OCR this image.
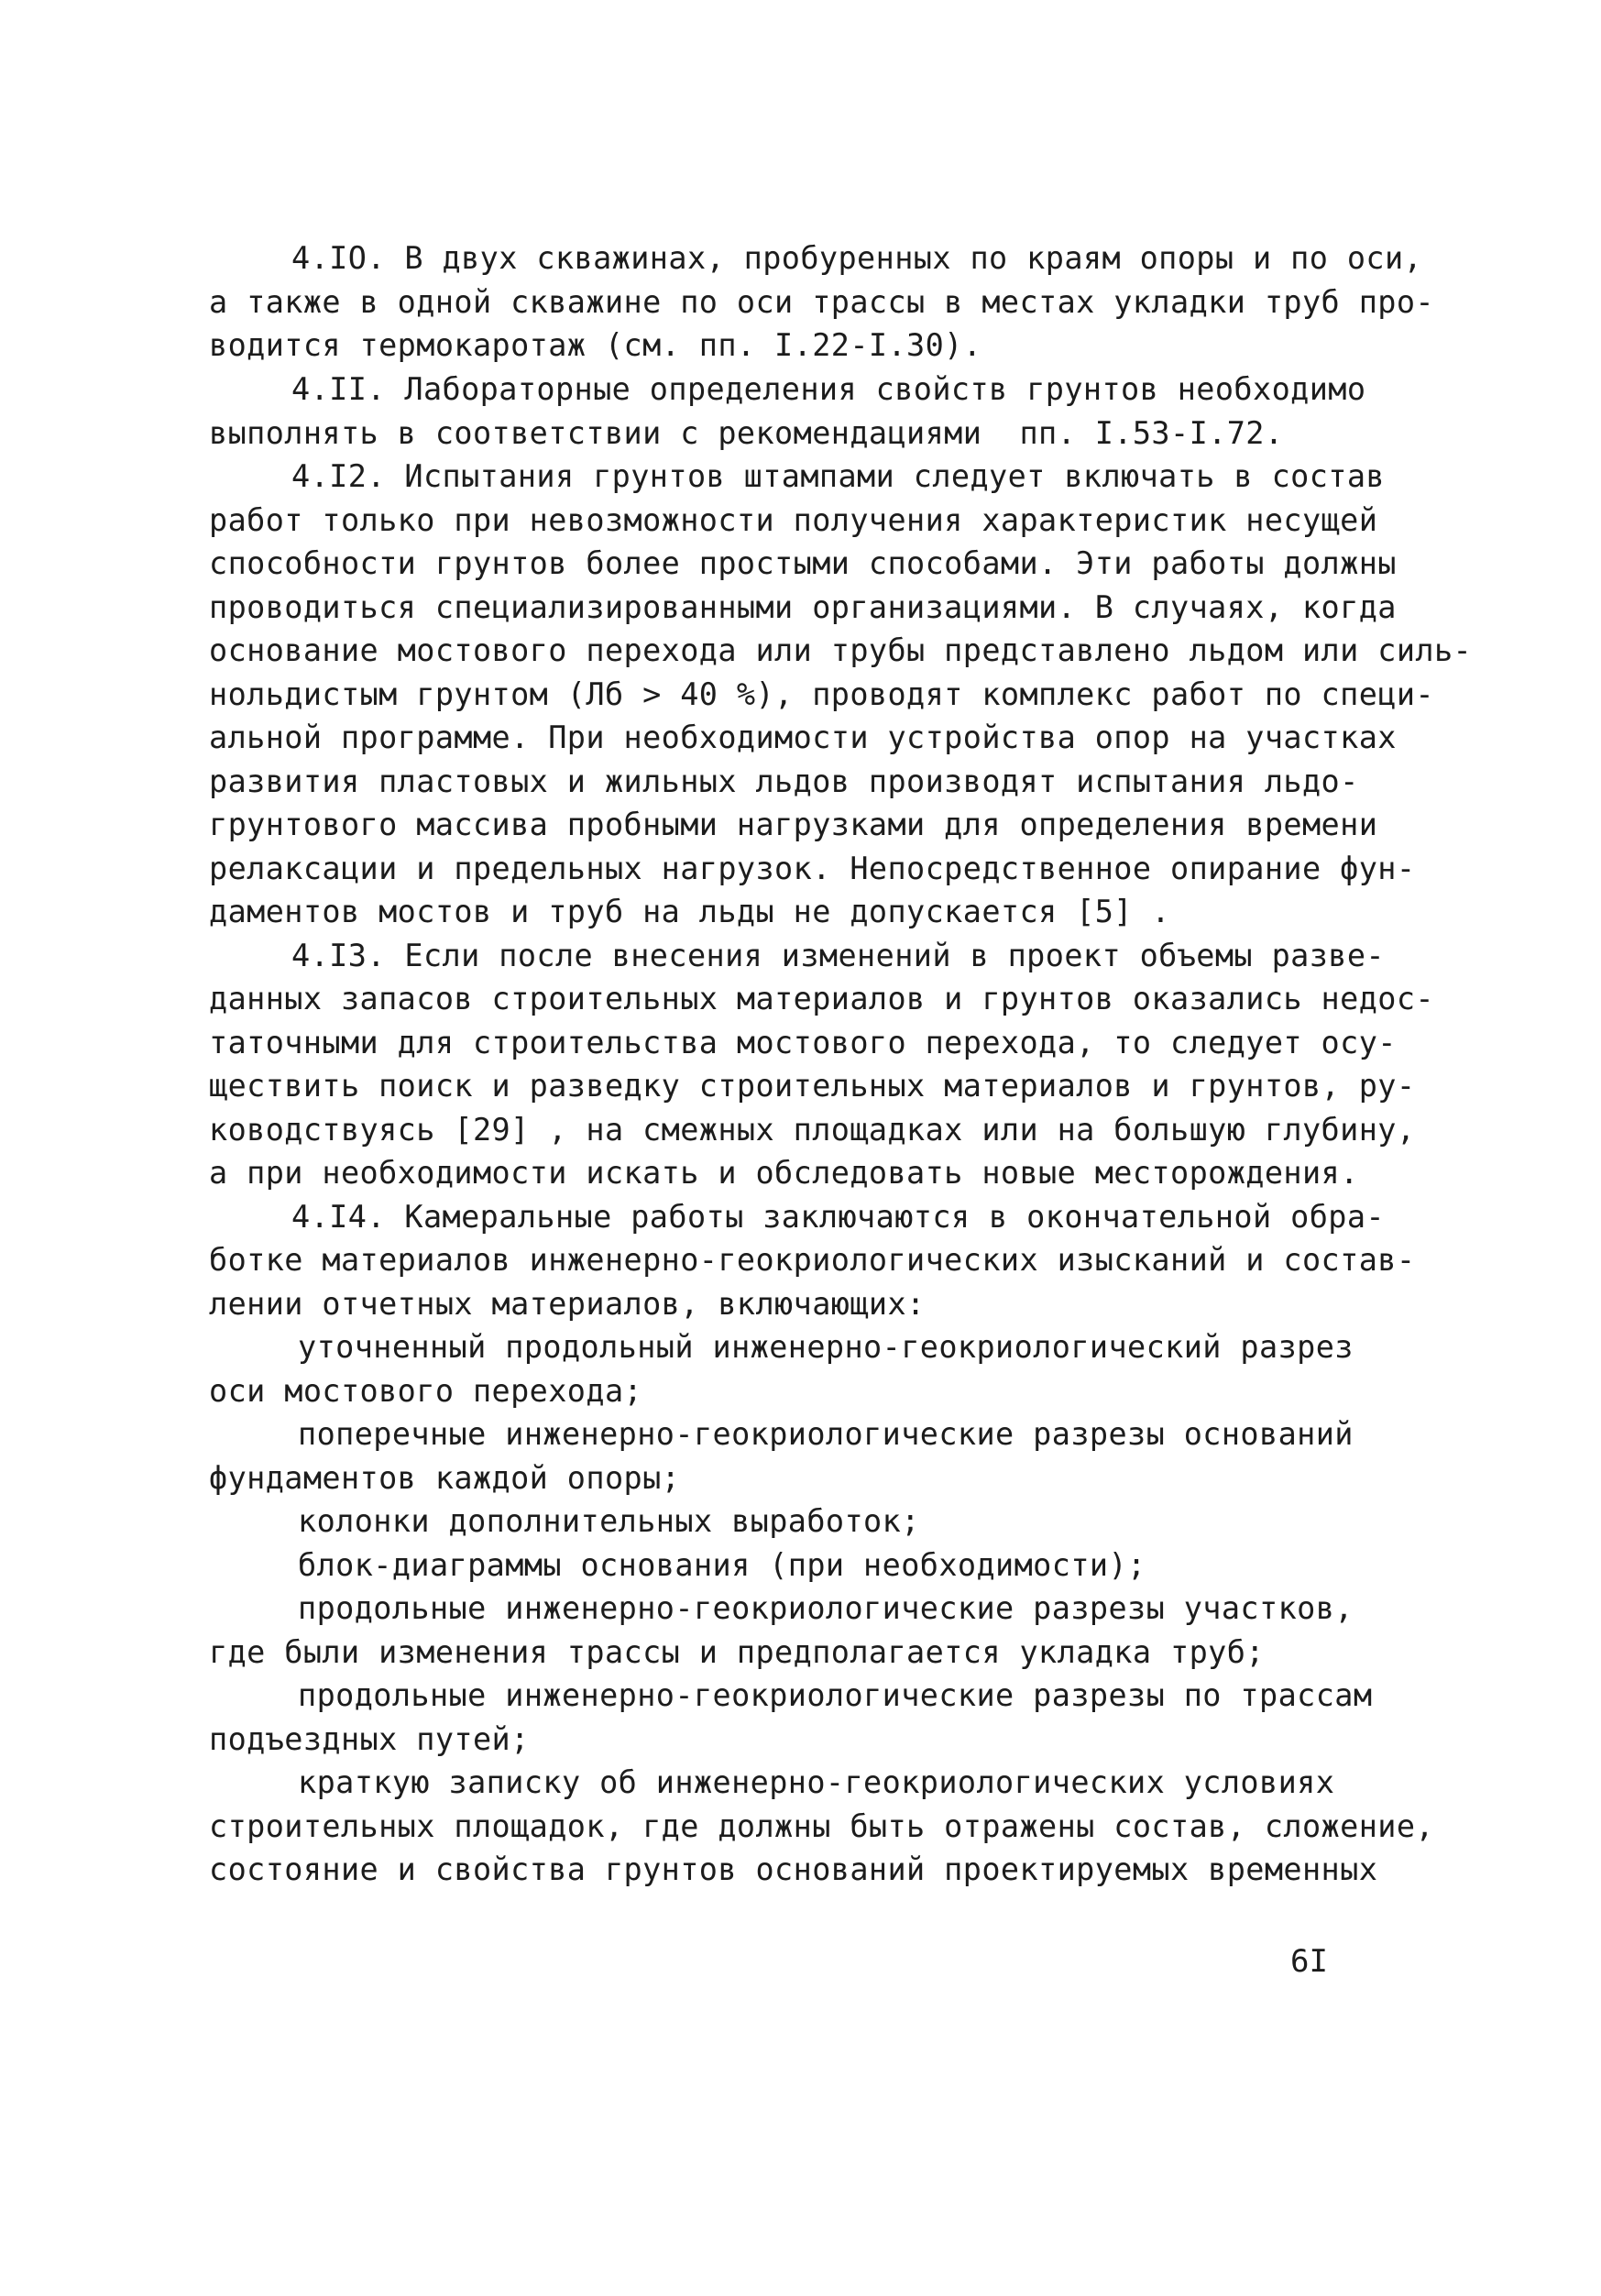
4.IO. В двух скважинах, пробуренных по краям опоры и по оси,
а также в одной скважине по оси трассы в местах укладки труб про-
водится термокаротаж (см. пп. I.22-I.30).
4.II. Лабораторные определения свойств грунтов необходимо
выполнять в соответствии с рекомендациями  пп. I.53-I.72.
4.I2. Испытания грунтов штампами следует включать в состав
работ только при невозможности получения характеристик несущей
способности грунтов более простыми способами. Эти работы должны
проводиться специализированными организациями. В случаях, когда
основание мостового перехода или трубы представлено льдом или силь-
нольдистым грунтом (Лб > 40 %), проводят комплекс работ по специ-
альной программе. При необходимости устройства опор на участках
развития пластовых и жильных льдов производят испытания льдо-
грунтового массива пробными нагрузками для определения времени
релаксации и предельных нагрузок. Непосредственное опирание фун-
даментов мостов и труб на льды не допускается [5] .
4.I3. Если после внесения изменений в проект объемы разве-
данных запасов строительных материалов и грунтов оказались недос-
таточными для строительства мостового перехода, то следует осу-
ществить поиск и разведку строительных материалов и грунтов, ру-
ководствуясь [29] , на смежных площадках или на большую глубину,
а при необходимости искать и обследовать новые месторождения.
4.I4. Камеральные работы заключаются в окончательной обра-
ботке материалов инженерно-геокриологических изысканий и состав-
лении отчетных материалов, включающих:
уточненный продольный инженерно-геокриологический разрез
оси мостового перехода;
поперечные инженерно-геокриологические разрезы оснований
фундаментов каждой опоры;
колонки дополнительных выработок;
блок-диаграммы основания (при необходимости);
продольные инженерно-геокриологические разрезы участков,
где были изменения трассы и предполагается укладка труб;
продольные инженерно-геокриологические разрезы по трассам
подъездных путей;
краткую записку об инженерно-геокриологических условиях
строительных площадок, где должны быть отражены состав, сложение,
состояние и свойства грунтов оснований проектируемых временных
6I
